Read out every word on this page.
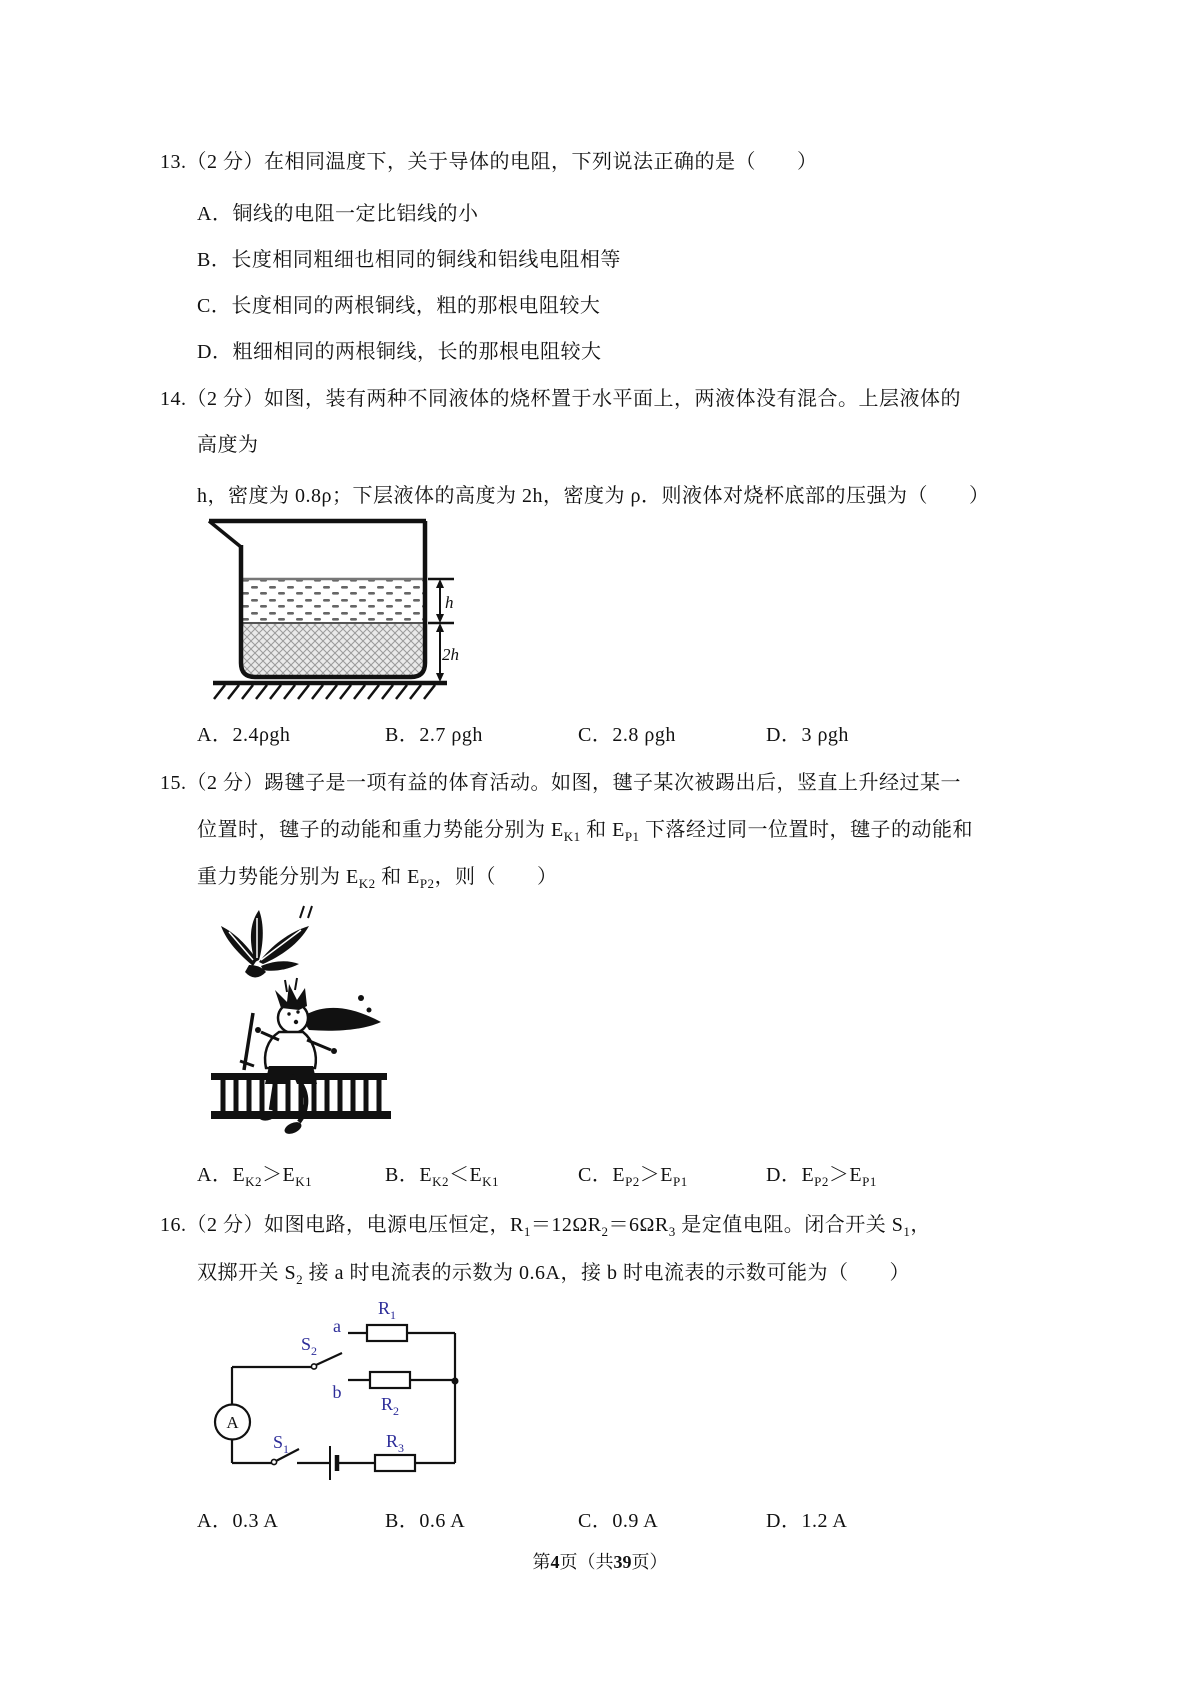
13.（2 分）在相同温度下，关于导体的电阻，下列说法正确的是（　　）
A．铜线的电阻一定比铝线的小
B．长度相同粗细也相同的铜线和铝线电阻相等
C．长度相同的两根铜线，粗的那根电阻较大
D．粗细相同的两根铜线，长的那根电阻较大
14.（2 分）如图，装有两种不同液体的烧杯置于水平面上，两液体没有混合。上层液体的
高度为
h，密度为 0.8ρ；下层液体的高度为 2h，密度为 ρ．则液体对烧杯底部的压强为（　　）
h
2h
A．2.4ρgh	B．2.7 ρgh	C．2.8 ρgh	D．3 ρgh
15.（2 分）踢毽子是一项有益的体育活动。如图，毽子某次被踢出后，竖直上升经过某一
位置时，毽子的动能和重力势能分别为 $E_{K1}$ 和 $E_{P1}$ 下落经过同一位置时，毽子的动能和
重力势能分别为 $E_{K2}$ 和 $E_{P2}$，则（　　）
A．$E_{K2}>E_{K1}$	B．$E_{K2}<E_{K1}$	C．$E_{P2}>E_{P1}$	D．$E_{P2}>E_{P1}$
16.（2 分）如图电路，电源电压恒定，$R_1=12\Omega R_2=6\Omega R_3$ 是定值电阻。闭合开关 $S_1$，
双掷开关 $S_2$ 接 a 时电流表的示数为 0.6A，接 b 时电流表的示数可能为（　　）
A
$R_1$
$R_2$
$R_3$
$S_2$
$S_1$
a
b
A．0.3 A	B．0.6 A	C．0.9 A	D．1.2 A
第4页（共39页）
